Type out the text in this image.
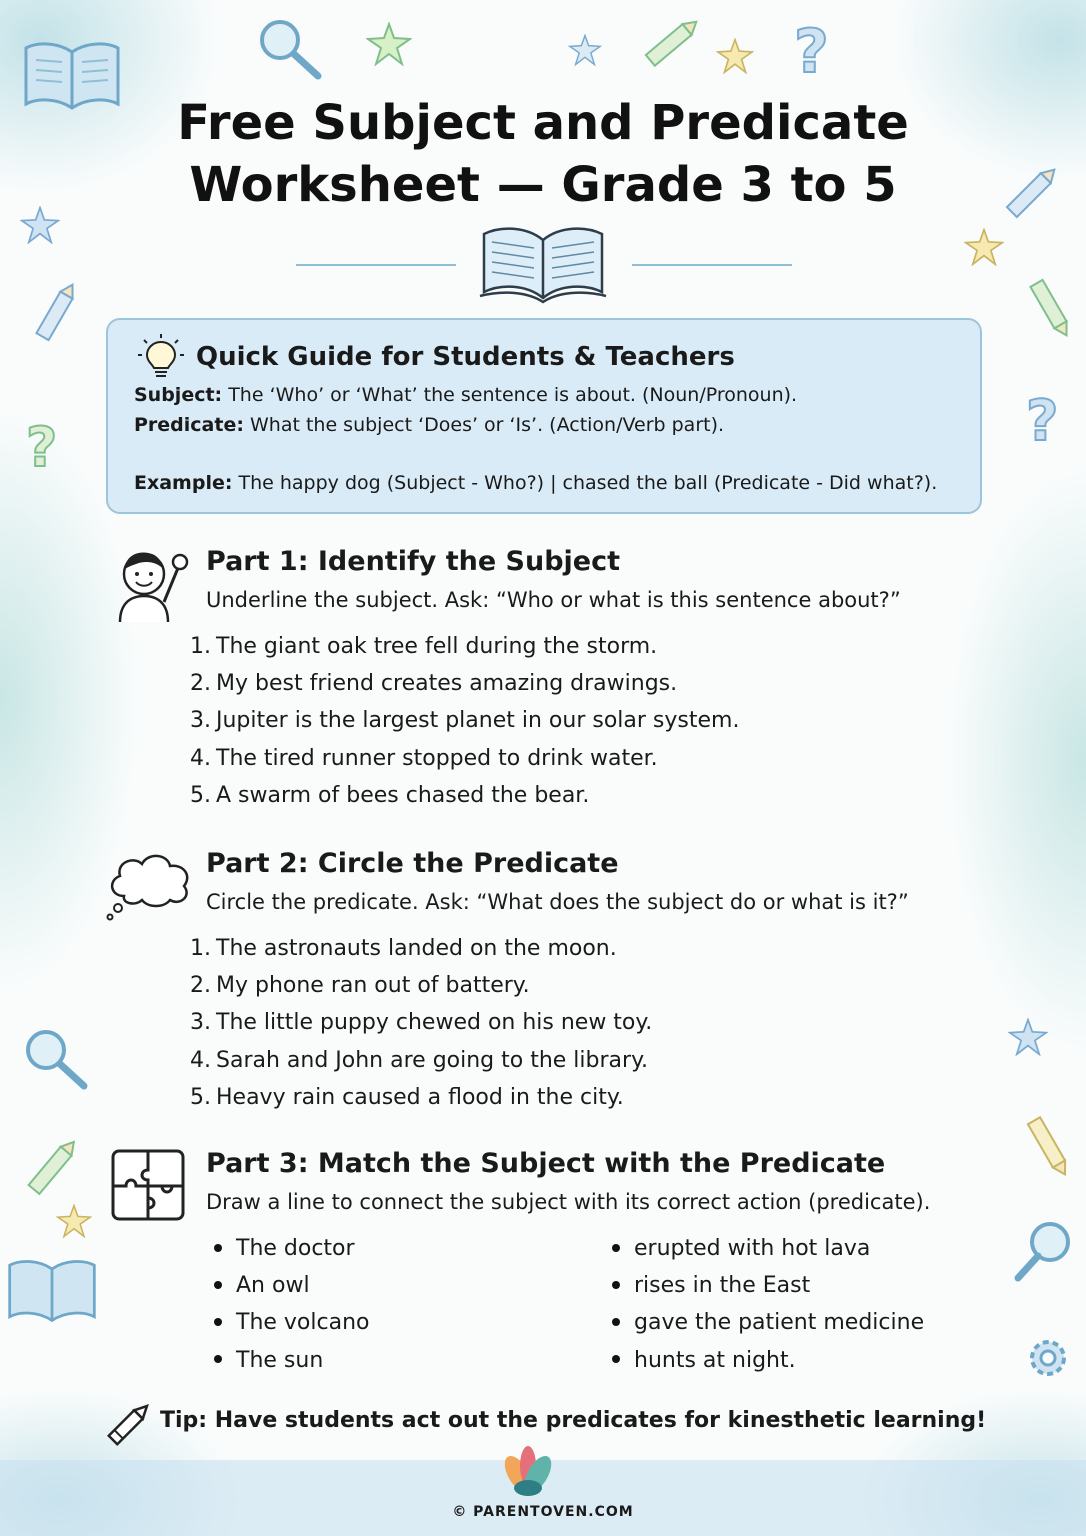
?
?
?
Free Subject and Predicate
Worksheet — Grade 3 to 5
Quick Guide for Students & Teachers
Subject: The ‘Who’ or ‘What’ the sentence is about. (Noun/Pronoun).
Predicate: What the subject ‘Does’ or ‘Is’. (Action/Verb part).
Example: The happy dog (Subject - Who?) | chased the ball (Predicate - Did what?).
Part 1: Identify the Subject
Underline the subject. Ask: “Who or what is this sentence about?”
1. The giant oak tree fell during the storm.
2. My best friend creates amazing drawings.
3. Jupiter is the largest planet in our solar system.
4. The tired runner stopped to drink water.
5. A swarm of bees chased the bear.
Part 2: Circle the Predicate
Circle the predicate. Ask: “What does the subject do or what is it?”
1. The astronauts landed on the moon.
2. My phone ran out of battery.
3. The little puppy chewed on his new toy.
4. Sarah and John are going to the library.
5. Heavy rain caused a flood in the city.
Part 3: Match the Subject with the Predicate
Draw a line to connect the subject with its correct action (predicate).
The doctor
An owl
The volcano
The sun
erupted with hot lava
rises in the East
gave the patient medicine
hunts at night.
Tip: Have students act out the predicates for kinesthetic learning!
© PARENTOVEN.COM
